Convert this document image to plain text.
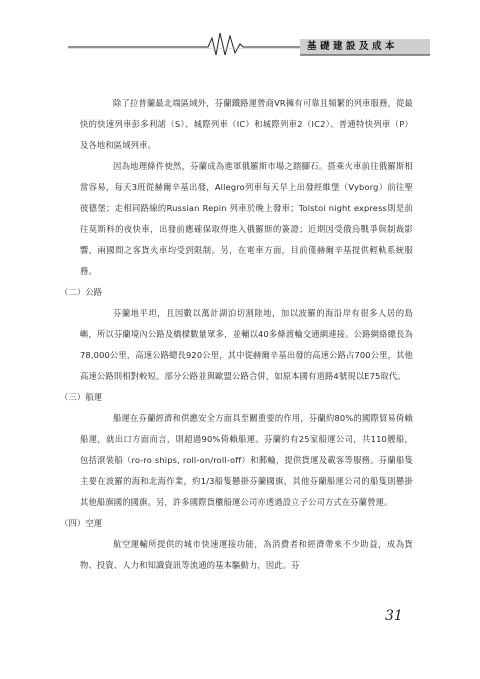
基礎建設及成本

除了拉普蘭最北端區域外，芬蘭鐵路運營商VR擁有可靠且頻繁的列車服務，從最快的快速列車彭多利諾（S）、城際列車（IC）和城際列車2（IC2）、普通特快列車（P）及各地和區域列車。

因為地理條件使然，芬蘭成為進軍俄羅斯市場之踏腳石。搭乘火車前往俄羅斯相當容易，每天3班從赫爾辛基出發，Allegro列車每天早上出發經維堡（Vyborg）前往聖彼德堡；走相同路線的Russian Repin 列車於晚上發車；Tolstoi night express則是前往莫斯科的夜快車，出發前應確保取得進入俄羅斯的簽證；近期因受俄烏戰爭與制裁影響，兩國間之客貨火車均受到限制。另，在電車方面，目前僅赫爾辛基提供輕軌系統服務。

（二）公路

芬蘭地平坦，且因數以萬計湖泊切割陸地，加以波羅的海沿岸有很多人居的島嶼，所以芬蘭境內公路及橋樑數量眾多，並輔以40多條渡輪交通網連接。公路網絡總長為78,000公里，高速公路總長920公里，其中從赫爾辛基出發的高速公路占700公里，其他高速公路則相對較短。部分公路並與歐盟公路合併，如原本國有道路4號現以E75取代。

（三）船運

船運在芬蘭經濟和供應安全方面具至關重要的作用，芬蘭約80%的國際貿易倚賴船運，就出口方面而言，則超過90%倚賴船運。芬蘭約有25家船運公司，共110艘船，包括滾裝船（ro-ro ships, roll-on/roll-off）和郵輪，提供貨運及載客等服務。芬蘭船隻主要在波羅的海和北海作業，約1/3船隻懸掛芬蘭國旗，其他芬蘭船運公司的船隻則懸掛其他船旗國的國旗。另，許多國際貨櫃船運公司亦透過設立子公司方式在芬蘭營運。

（四）空運

航空運輸所提供的城市快速運接功能，為消費者和經濟帶來不少助益，成為貨物、投資、人力和知識資訊等流通的基本驅動力，因此。芬

31
